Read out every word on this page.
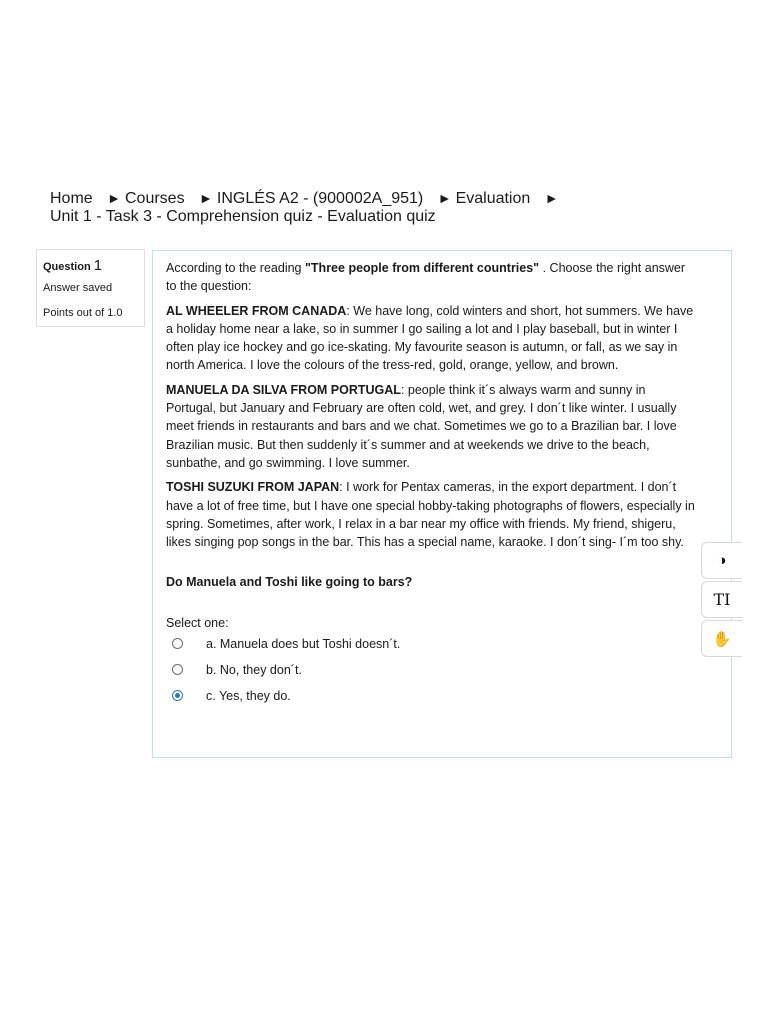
Home ► Courses ► INGLÉS A2 - (900002A_951) ► Evaluation ►
Unit 1 - Task 3 - Comprehension quiz - Evaluation quiz
Question 1
Answer saved
Points out of 1.0

According to the reading "Three people from different countries" . Choose the right answer to the question:

AL WHEELER FROM CANADA: We have long, cold winters and short, hot summers. We have a holiday home near a lake, so in summer I go sailing a lot and I play baseball, but in winter I often play ice hockey and go ice-skating. My favourite season is autumn, or fall, as we say in north America. I love the colours of the tress-red, gold, orange, yellow, and brown.

MANUELA DA SILVA FROM PORTUGAL: people think it´s always warm and sunny in Portugal, but January and February are often cold, wet, and grey. I don´t like winter. I usually meet friends in restaurants and bars and we chat. Sometimes we go to a Brazilian bar. I love Brazilian music. But then suddenly it´s summer and at weekends we drive to the beach, sunbathe, and go swimming. I love summer.

TOSHI SUZUKI FROM JAPAN: I work for Pentax cameras, in the export department. I don´t have a lot of free time, but I have one special hobby-taking photographs of flowers, especially in spring. Sometimes, after work, I relax in a bar near my office with friends. My friend, shigeru, likes singing pop songs in the bar. This has a special name, karaoke. I don´t sing- I´m too shy.

Do Manuela and Toshi like going to bars?

Select one:

a. Manuela does but Toshi doesn´t.
b. No, they don´t.
c. Yes, they do.
◑
TI
✋
